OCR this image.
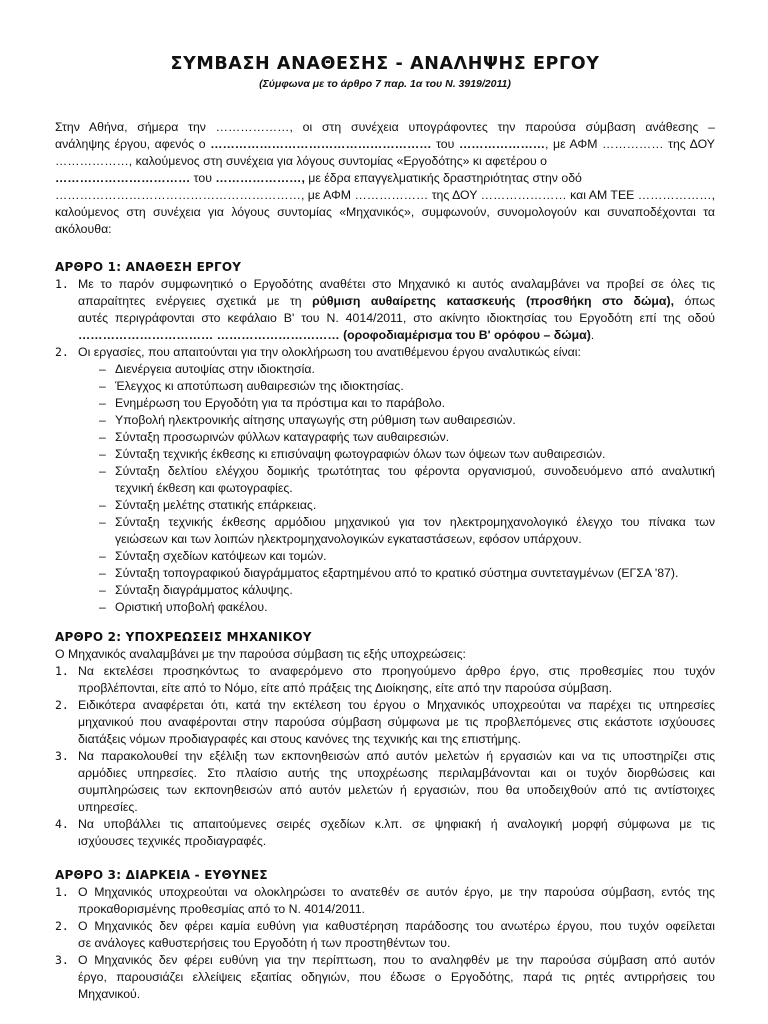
ΣΥΜΒΑΣΗ ΑΝΑΘΕΣΗΣ - ΑΝΑΛΗΨΗΣ ΕΡΓΟΥ
(Σύμφωνα με το άρθρο 7 παρ. 1α του Ν. 3919/2011)
Στην Αθήνα, σήμερα την ………………, οι στη συνέχεια υπογράφοντες την παρούσα σύμβαση ανάθεσης –
ανάληψης έργου, αφενός ο ……………………………………………… του …………………, με ΑΦΜ …………… της ΔΟΥ
………………, καλούμενος στη συνέχεια για λόγους συντομίας «Εργοδότης» κι αφετέρου ο
…………………………… του …………………, με έδρα επαγγελματικής δραστηριότητας στην οδό
……………………………………………………, με ΑΦΜ ……………… της ΔΟΥ ………………… και ΑΜ ΤΕΕ ………………,
καλούμενος στη συνέχεια για λόγους συντομίας «Μηχανικός», συμφωνούν, συνομολογούν και συναποδέχονται τα
ακόλουθα:
ΑΡΘΡΟ 1: ΑΝΑΘΕΣΗ ΕΡΓΟΥ
1. Με το παρόν συμφωνητικό ο Εργοδότης αναθέτει στο Μηχανικό κι αυτός αναλαμβάνει να προβεί σε όλες τις
απαραίτητες ενέργειες σχετικά με τη ρύθμιση αυθαίρετης κατασκευής (προσθήκη στο δώμα), όπως
αυτές περιγράφονται στο κεφάλαιο Β' του Ν. 4014/2011, στο ακίνητο ιδιοκτησίας του Εργοδότη επί της οδού
…………………………… ………………………… (οροφοδιαμέρισμα του Β' ορόφου – δώμα).
2. Οι εργασίες, που απαιτούνται για την ολοκλήρωση του ανατιθέμενου έργου αναλυτικώς είναι:
– Διενέργεια αυτοψίας στην ιδιοκτησία.
– Έλεγχος κι αποτύπωση αυθαιρεσιών της ιδιοκτησίας.
– Ενημέρωση του Εργοδότη για τα πρόστιμα και το παράβολο.
– Υποβολή ηλεκτρονικής αίτησης υπαγωγής στη ρύθμιση των αυθαιρεσιών.
– Σύνταξη προσωρινών φύλλων καταγραφής των αυθαιρεσιών.
– Σύνταξη τεχνικής έκθεσης κι επισύναψη φωτογραφιών όλων των όψεων των αυθαιρεσιών.
– Σύνταξη δελτίου ελέγχου δομικής τρωτότητας του φέροντα οργανισμού, συνοδευόμενο από αναλυτική
τεχνική έκθεση και φωτογραφίες.
– Σύνταξη μελέτης στατικής επάρκειας.
– Σύνταξη τεχνικής έκθεσης αρμόδιου μηχανικού για τον ηλεκτρομηχανολογικό έλεγχο του πίνακα των
γειώσεων και των λοιπών ηλεκτρομηχανολογικών εγκαταστάσεων, εφόσον υπάρχουν.
– Σύνταξη σχεδίων κατόψεων και τομών.
– Σύνταξη τοπογραφικού διαγράμματος εξαρτημένου από το κρατικό σύστημα συντεταγμένων (ΕΓΣΑ '87).
– Σύνταξη διαγράμματος κάλυψης.
– Οριστική υποβολή φακέλου.
ΑΡΘΡΟ 2: ΥΠΟΧΡΕΩΣΕΙΣ ΜΗΧΑΝΙΚΟΥ
Ο Μηχανικός αναλαμβάνει με την παρούσα σύμβαση τις εξής υποχρεώσεις:
1. Να εκτελέσει προσηκόντως το αναφερόμενο στο προηγούμενο άρθρο έργο, στις προθεσμίες που τυχόν
προβλέπονται, είτε από το Νόμο, είτε από πράξεις της Διοίκησης, είτε από την παρούσα σύμβαση.
2. Ειδικότερα αναφέρεται ότι, κατά την εκτέλεση του έργου ο Μηχανικός υποχρεούται να παρέχει τις υπηρεσίες
μηχανικού που αναφέρονται στην παρούσα σύμβαση σύμφωνα με τις προβλεπόμενες στις εκάστοτε ισχύουσες
διατάξεις νόμων προδιαγραφές και στους κανόνες της τεχνικής και της επιστήμης.
3. Να παρακολουθεί την εξέλιξη των εκπονηθεισών από αυτόν μελετών ή εργασιών και να τις υποστηρίζει στις
αρμόδιες υπηρεσίες. Στο πλαίσιο αυτής της υποχρέωσης περιλαμβάνονται και οι τυχόν διορθώσεις και
συμπληρώσεις των εκπονηθεισών από αυτόν μελετών ή εργασιών, που θα υποδειχθούν από τις αντίστοιχες
υπηρεσίες.
4. Να υποβάλλει τις απαιτούμενες σειρές σχεδίων κ.λπ. σε ψηφιακή ή αναλογική μορφή σύμφωνα με τις
ισχύουσες τεχνικές προδιαγραφές.
ΑΡΘΡΟ 3: ΔΙΑΡΚΕΙΑ - ΕΥΘΥΝΕΣ
1. Ο Μηχανικός υποχρεούται να ολοκληρώσει το ανατεθέν σε αυτόν έργο, με την παρούσα σύμβαση, εντός της
προκαθορισμένης προθεσμίας από το Ν. 4014/2011.
2. Ο Μηχανικός δεν φέρει καμία ευθύνη για καθυστέρηση παράδοσης του ανωτέρω έργου, που τυχόν οφείλεται
σε ανάλογες καθυστερήσεις του Εργοδότη ή των προστηθέντων του.
3. Ο Μηχανικός δεν φέρει ευθύνη για την περίπτωση, που το αναληφθέν με την παρούσα σύμβαση από αυτόν
έργο, παρουσιάζει ελλείψεις εξαιτίας οδηγιών, που έδωσε ο Εργοδότης, παρά τις ρητές αντιρρήσεις του
Μηχανικού.
